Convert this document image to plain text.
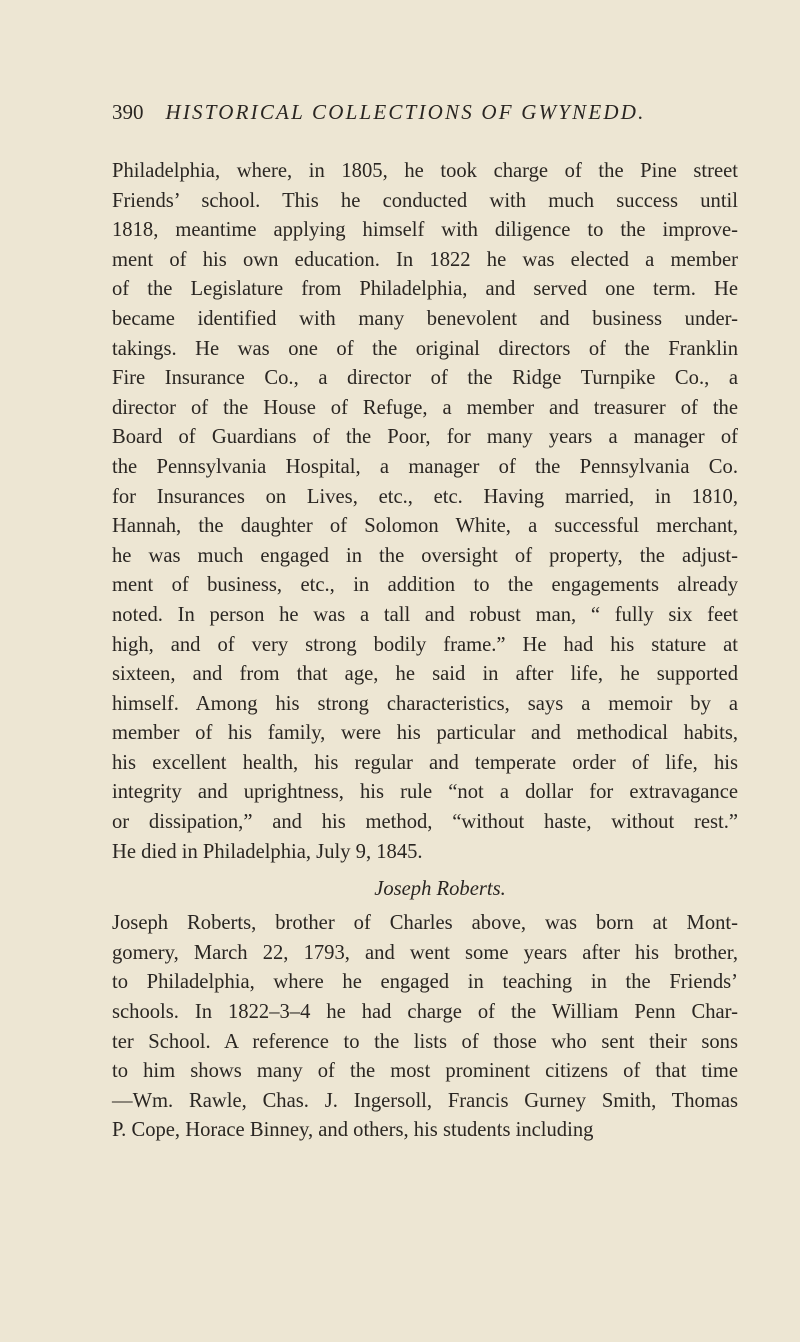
390 HISTORICAL COLLECTIONS OF GWYNEDD.

Philadelphia, where, in 1805, he took charge of the Pine street
Friends’ school. This he conducted with much success until
1818, meantime applying himself with diligence to the improve-
ment of his own education. In 1822 he was elected a member
of the Legislature from Philadelphia, and served one term. He
became identified with many benevolent and business under-
takings. He was one of the original directors of the Franklin
Fire Insurance Co., a director of the Ridge Turnpike Co., a
director of the House of Refuge, a member and treasurer of the
Board of Guardians of the Poor, for many years a manager of
the Pennsylvania Hospital, a manager of the Pennsylvania Co.
for Insurances on Lives, etc., etc. Having married, in 1810,
Hannah, the daughter of Solomon White, a successful merchant,
he was much engaged in the oversight of property, the adjust-
ment of business, etc., in addition to the engagements already
noted. In person he was a tall and robust man, “ fully six feet
high, and of very strong bodily frame.” He had his stature at
sixteen, and from that age, he said in after life, he supported
himself. Among his strong characteristics, says a memoir by a
member of his family, were his particular and methodical habits,
his excellent health, his regular and temperate order of life, his
integrity and uprightness, his rule “not a dollar for extravagance
or dissipation,” and his method, “without haste, without rest.”
He died in Philadelphia, July 9, 1845.

Joseph Roberts.

Joseph Roberts, brother of Charles above, was born at Mont-
gomery, March 22, 1793, and went some years after his brother,
to Philadelphia, where he engaged in teaching in the Friends’
schools. In 1822–3–4 he had charge of the William Penn Char-
ter School. A reference to the lists of those who sent their sons
to him shows many of the most prominent citizens of that time
—Wm. Rawle, Chas. J. Ingersoll, Francis Gurney Smith, Thomas
P. Cope, Horace Binney, and others, his students including
